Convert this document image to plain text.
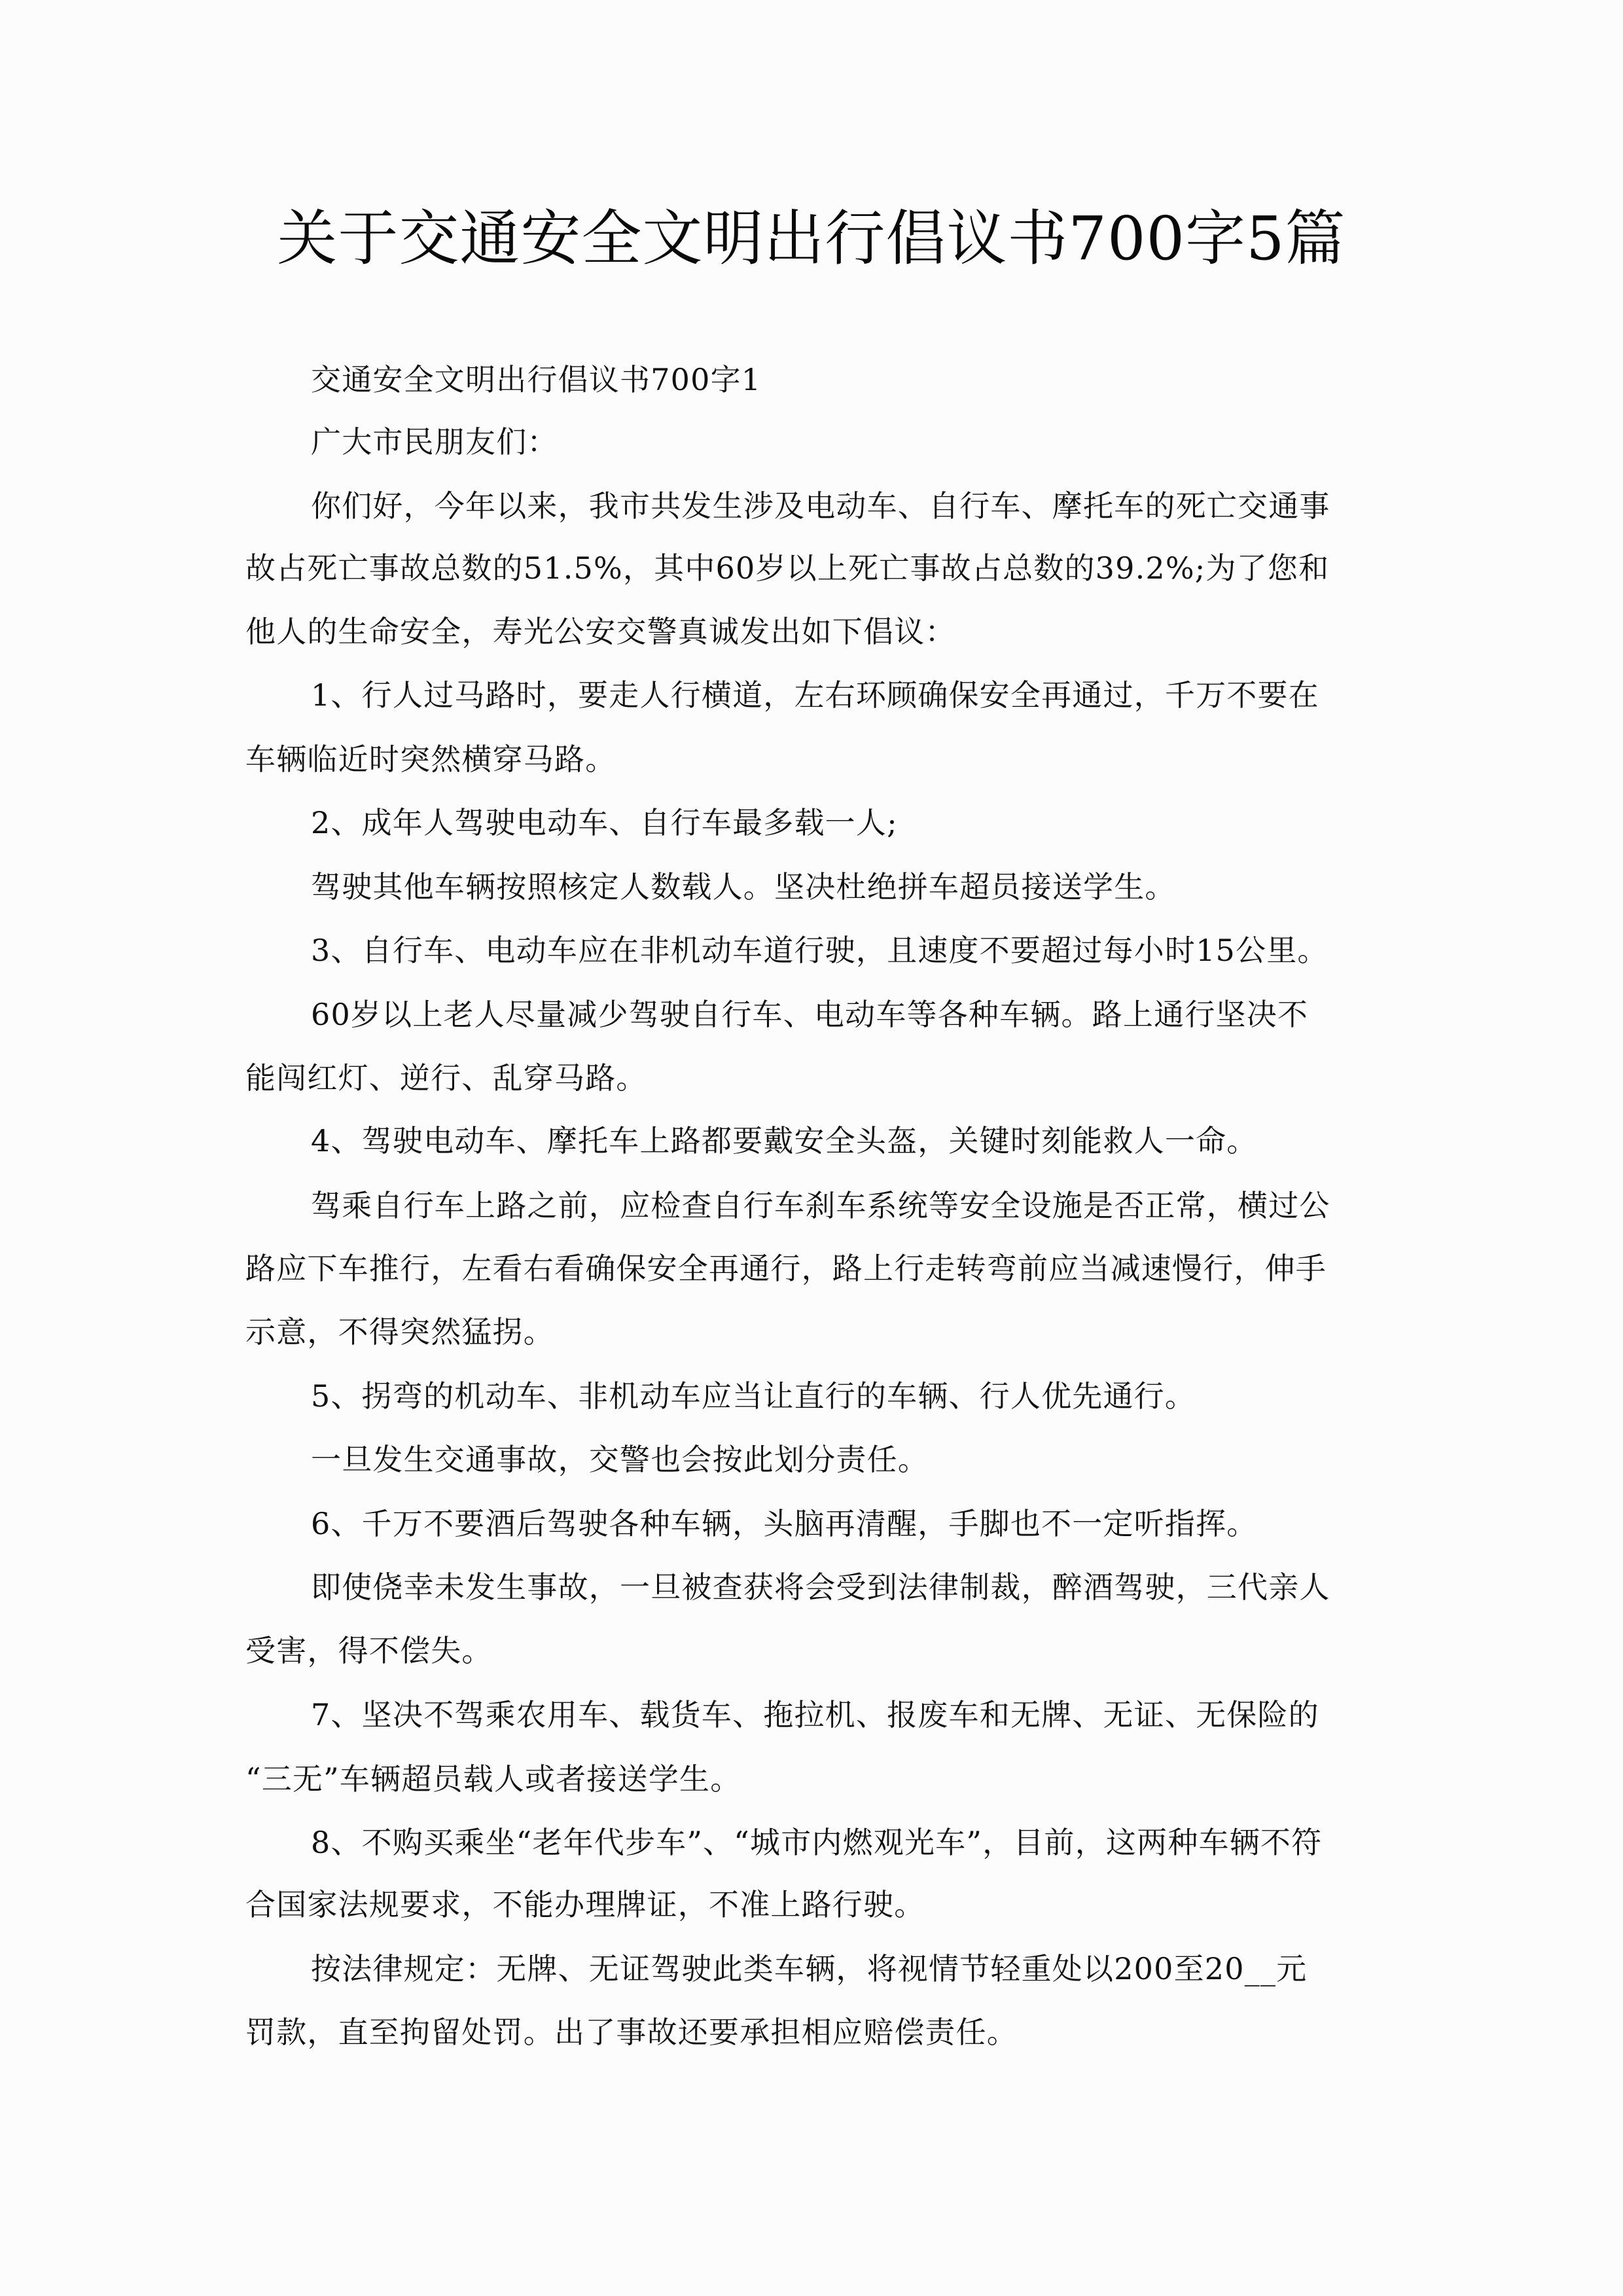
关于交通安全文明出行倡议书700字5篇
交通安全文明出行倡议书700字1
广大市民朋友们：
你们好，今年以来，我市共发生涉及电动车、自行车、摩托车的死亡交通事
故占死亡事故总数的51.5%，其中60岁以上死亡事故占总数的39.2%;为了您和
他人的生命安全，寿光公安交警真诚发出如下倡议：
1、行人过马路时，要走人行横道，左右环顾确保安全再通过，千万不要在
车辆临近时突然横穿马路。
2、成年人驾驶电动车、自行车最多载一人;
驾驶其他车辆按照核定人数载人。坚决杜绝拼车超员接送学生。
3、自行车、电动车应在非机动车道行驶，且速度不要超过每小时15公里。
60岁以上老人尽量减少驾驶自行车、电动车等各种车辆。路上通行坚决不
能闯红灯、逆行、乱穿马路。
4、驾驶电动车、摩托车上路都要戴安全头盔，关键时刻能救人一命。
驾乘自行车上路之前，应检查自行车刹车系统等安全设施是否正常，横过公
路应下车推行，左看右看确保安全再通行，路上行走转弯前应当减速慢行，伸手
示意，不得突然猛拐。
5、拐弯的机动车、非机动车应当让直行的车辆、行人优先通行。
一旦发生交通事故，交警也会按此划分责任。
6、千万不要酒后驾驶各种车辆，头脑再清醒，手脚也不一定听指挥。
即使侥幸未发生事故，一旦被查获将会受到法律制裁，醉酒驾驶，三代亲人
受害，得不偿失。
7、坚决不驾乘农用车、载货车、拖拉机、报废车和无牌、无证、无保险的
“三无”车辆超员载人或者接送学生。
8、不购买乘坐“老年代步车”、“城市内燃观光车”，目前，这两种车辆不符
合国家法规要求，不能办理牌证，不准上路行驶。
按法律规定：无牌、无证驾驶此类车辆，将视情节轻重处以200至20__元
罚款，直至拘留处罚。出了事故还要承担相应赔偿责任。
